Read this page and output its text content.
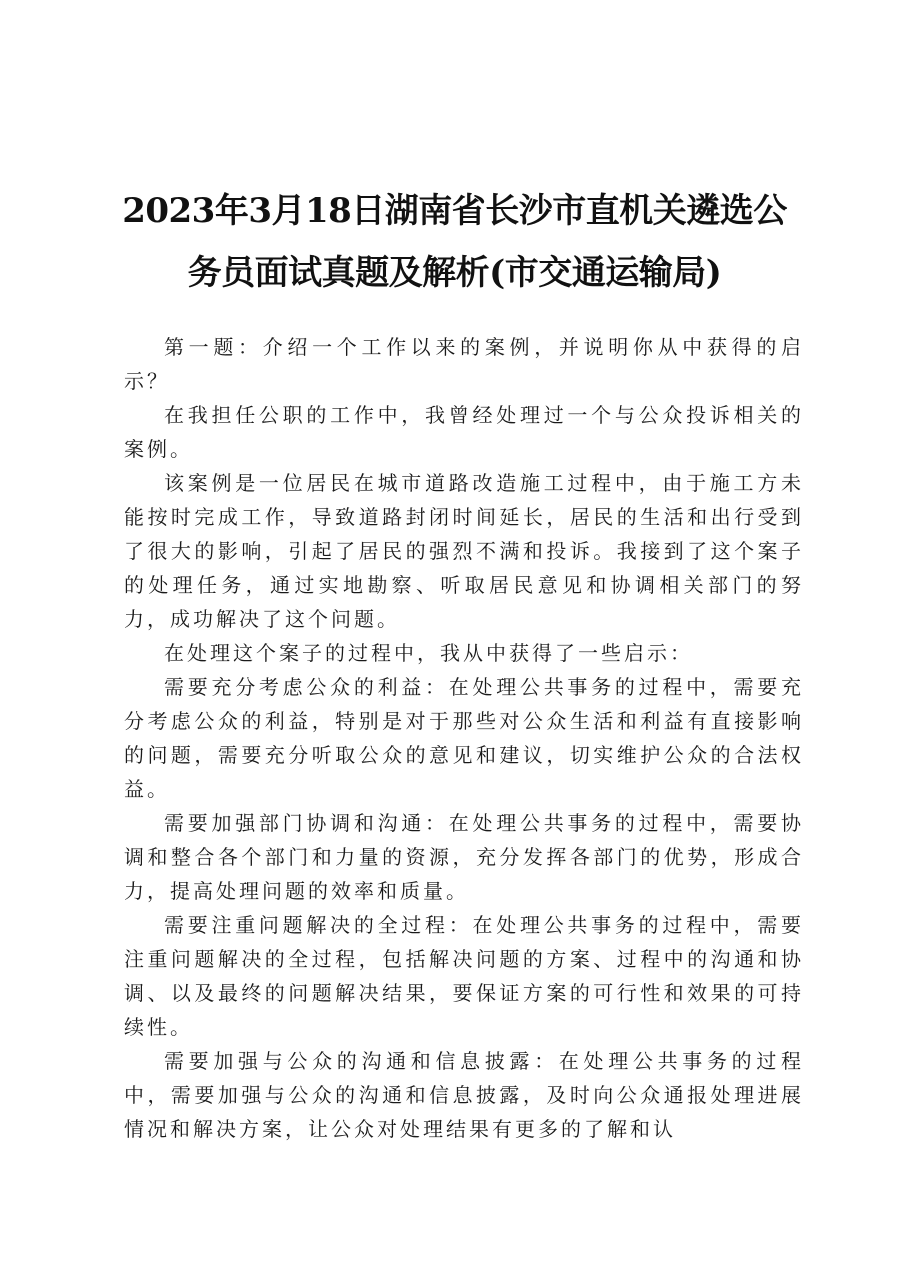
2023年3月18日湖南省长沙市直机关遴选公
务员面试真题及解析(市交通运输局)

第一题：介绍一个工作以来的案例，并说明你从中获得的启示？

在我担任公职的工作中，我曾经处理过一个与公众投诉相关的案例。

该案例是一位居民在城市道路改造施工过程中，由于施工方未能按时完成工作，导致道路封闭时间延长，居民的生活和出行受到了很大的影响，引起了居民的强烈不满和投诉。我接到了这个案子的处理任务，通过实地勘察、听取居民意见和协调相关部门的努力，成功解决了这个问题。

在处理这个案子的过程中，我从中获得了一些启示：

需要充分考虑公众的利益：在处理公共事务的过程中，需要充分考虑公众的利益，特别是对于那些对公众生活和利益有直接影响的问题，需要充分听取公众的意见和建议，切实维护公众的合法权益。

需要加强部门协调和沟通：在处理公共事务的过程中，需要协调和整合各个部门和力量的资源，充分发挥各部门的优势，形成合力，提高处理问题的效率和质量。

需要注重问题解决的全过程：在处理公共事务的过程中，需要注重问题解决的全过程，包括解决问题的方案、过程中的沟通和协调、以及最终的问题解决结果，要保证方案的可行性和效果的可持续性。

需要加强与公众的沟通和信息披露：在处理公共事务的过程中，需要加强与公众的沟通和信息披露，及时向公众通报处理进展情况和解决方案，让公众对处理结果有更多的了解和认
